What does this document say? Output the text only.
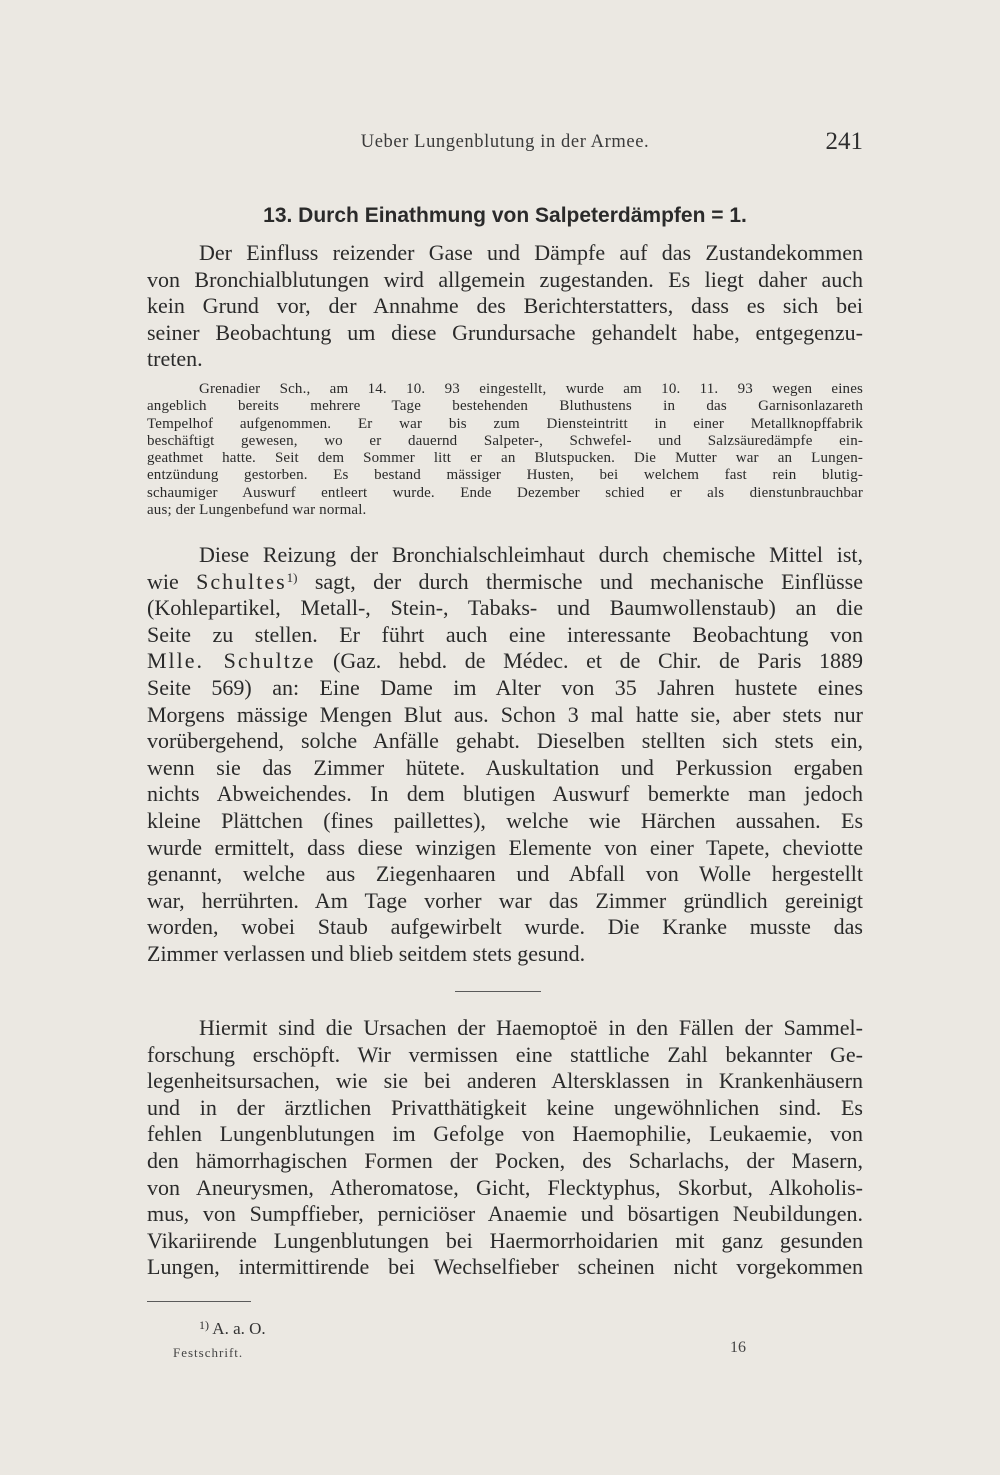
Ueber Lungenblutung in der Armee.	241
13. Durch Einathmung von Salpeterdämpfen = 1.
Der Einfluss reizender Gase und Dämpfe auf das Zustandekommen
von Bronchialblutungen wird allgemein zugestanden. Es liegt daher auch
kein Grund vor, der Annahme des Berichterstatters, dass es sich bei
seiner Beobachtung um diese Grundursache gehandelt habe, entgegenzu-
treten.
Grenadier Sch., am 14. 10. 93 eingestellt, wurde am 10. 11. 93 wegen eines
angeblich bereits mehrere Tage bestehenden Bluthustens in das Garnisonlazareth
Tempelhof aufgenommen. Er war bis zum Diensteintritt in einer Metallknopffabrik
beschäftigt gewesen, wo er dauernd Salpeter-, Schwefel- und Salzsäuredämpfe ein-
geathmet hatte. Seit dem Sommer litt er an Blutspucken. Die Mutter war an Lungen-
entzündung gestorben. Es bestand mässiger Husten, bei welchem fast rein blutig-
schaumiger Auswurf entleert wurde. Ende Dezember schied er als dienstunbrauchbar
aus; der Lungenbefund war normal.
Diese Reizung der Bronchialschleimhaut durch chemische Mittel ist,
wie Schultes$^{1)}$ sagt, der durch thermische und mechanische Einflüsse
(Kohlepartikel, Metall-, Stein-, Tabaks- und Baumwollenstaub) an die
Seite zu stellen. Er führt auch eine interessante Beobachtung von
Mlle. Schultze (Gaz. hebd. de Médec. et de Chir. de Paris 1889
Seite 569) an: Eine Dame im Alter von 35 Jahren hustete eines
Morgens mässige Mengen Blut aus. Schon 3 mal hatte sie, aber stets nur
vorübergehend, solche Anfälle gehabt. Dieselben stellten sich stets ein,
wenn sie das Zimmer hütete. Auskultation und Perkussion ergaben
nichts Abweichendes. In dem blutigen Auswurf bemerkte man jedoch
kleine Plättchen (fines paillettes), welche wie Härchen aussahen. Es
wurde ermittelt, dass diese winzigen Elemente von einer Tapete, cheviotte
genannt, welche aus Ziegenhaaren und Abfall von Wolle hergestellt
war, herrührten. Am Tage vorher war das Zimmer gründlich gereinigt
worden, wobei Staub aufgewirbelt wurde. Die Kranke musste das
Zimmer verlassen und blieb seitdem stets gesund.
Hiermit sind die Ursachen der Haemoptoë in den Fällen der Sammel-
forschung erschöpft. Wir vermissen eine stattliche Zahl bekannter Ge-
legenheitsursachen, wie sie bei anderen Altersklassen in Krankenhäusern
und in der ärztlichen Privatthätigkeit keine ungewöhnlichen sind. Es
fehlen Lungenblutungen im Gefolge von Haemophilie, Leukaemie, von
den hämorrhagischen Formen der Pocken, des Scharlachs, der Masern,
von Aneurysmen, Atheromatose, Gicht, Flecktyphus, Skorbut, Alkoholis-
mus, von Sumpffieber, perniciöser Anaemie und bösartigen Neubildungen.
Vikariirende Lungenblutungen bei Haermorrhoidarien mit ganz gesunden
Lungen, intermittirende bei Wechselfieber scheinen nicht vorgekommen
$^{1)}$ A. a. O.
Festschrift.	16
